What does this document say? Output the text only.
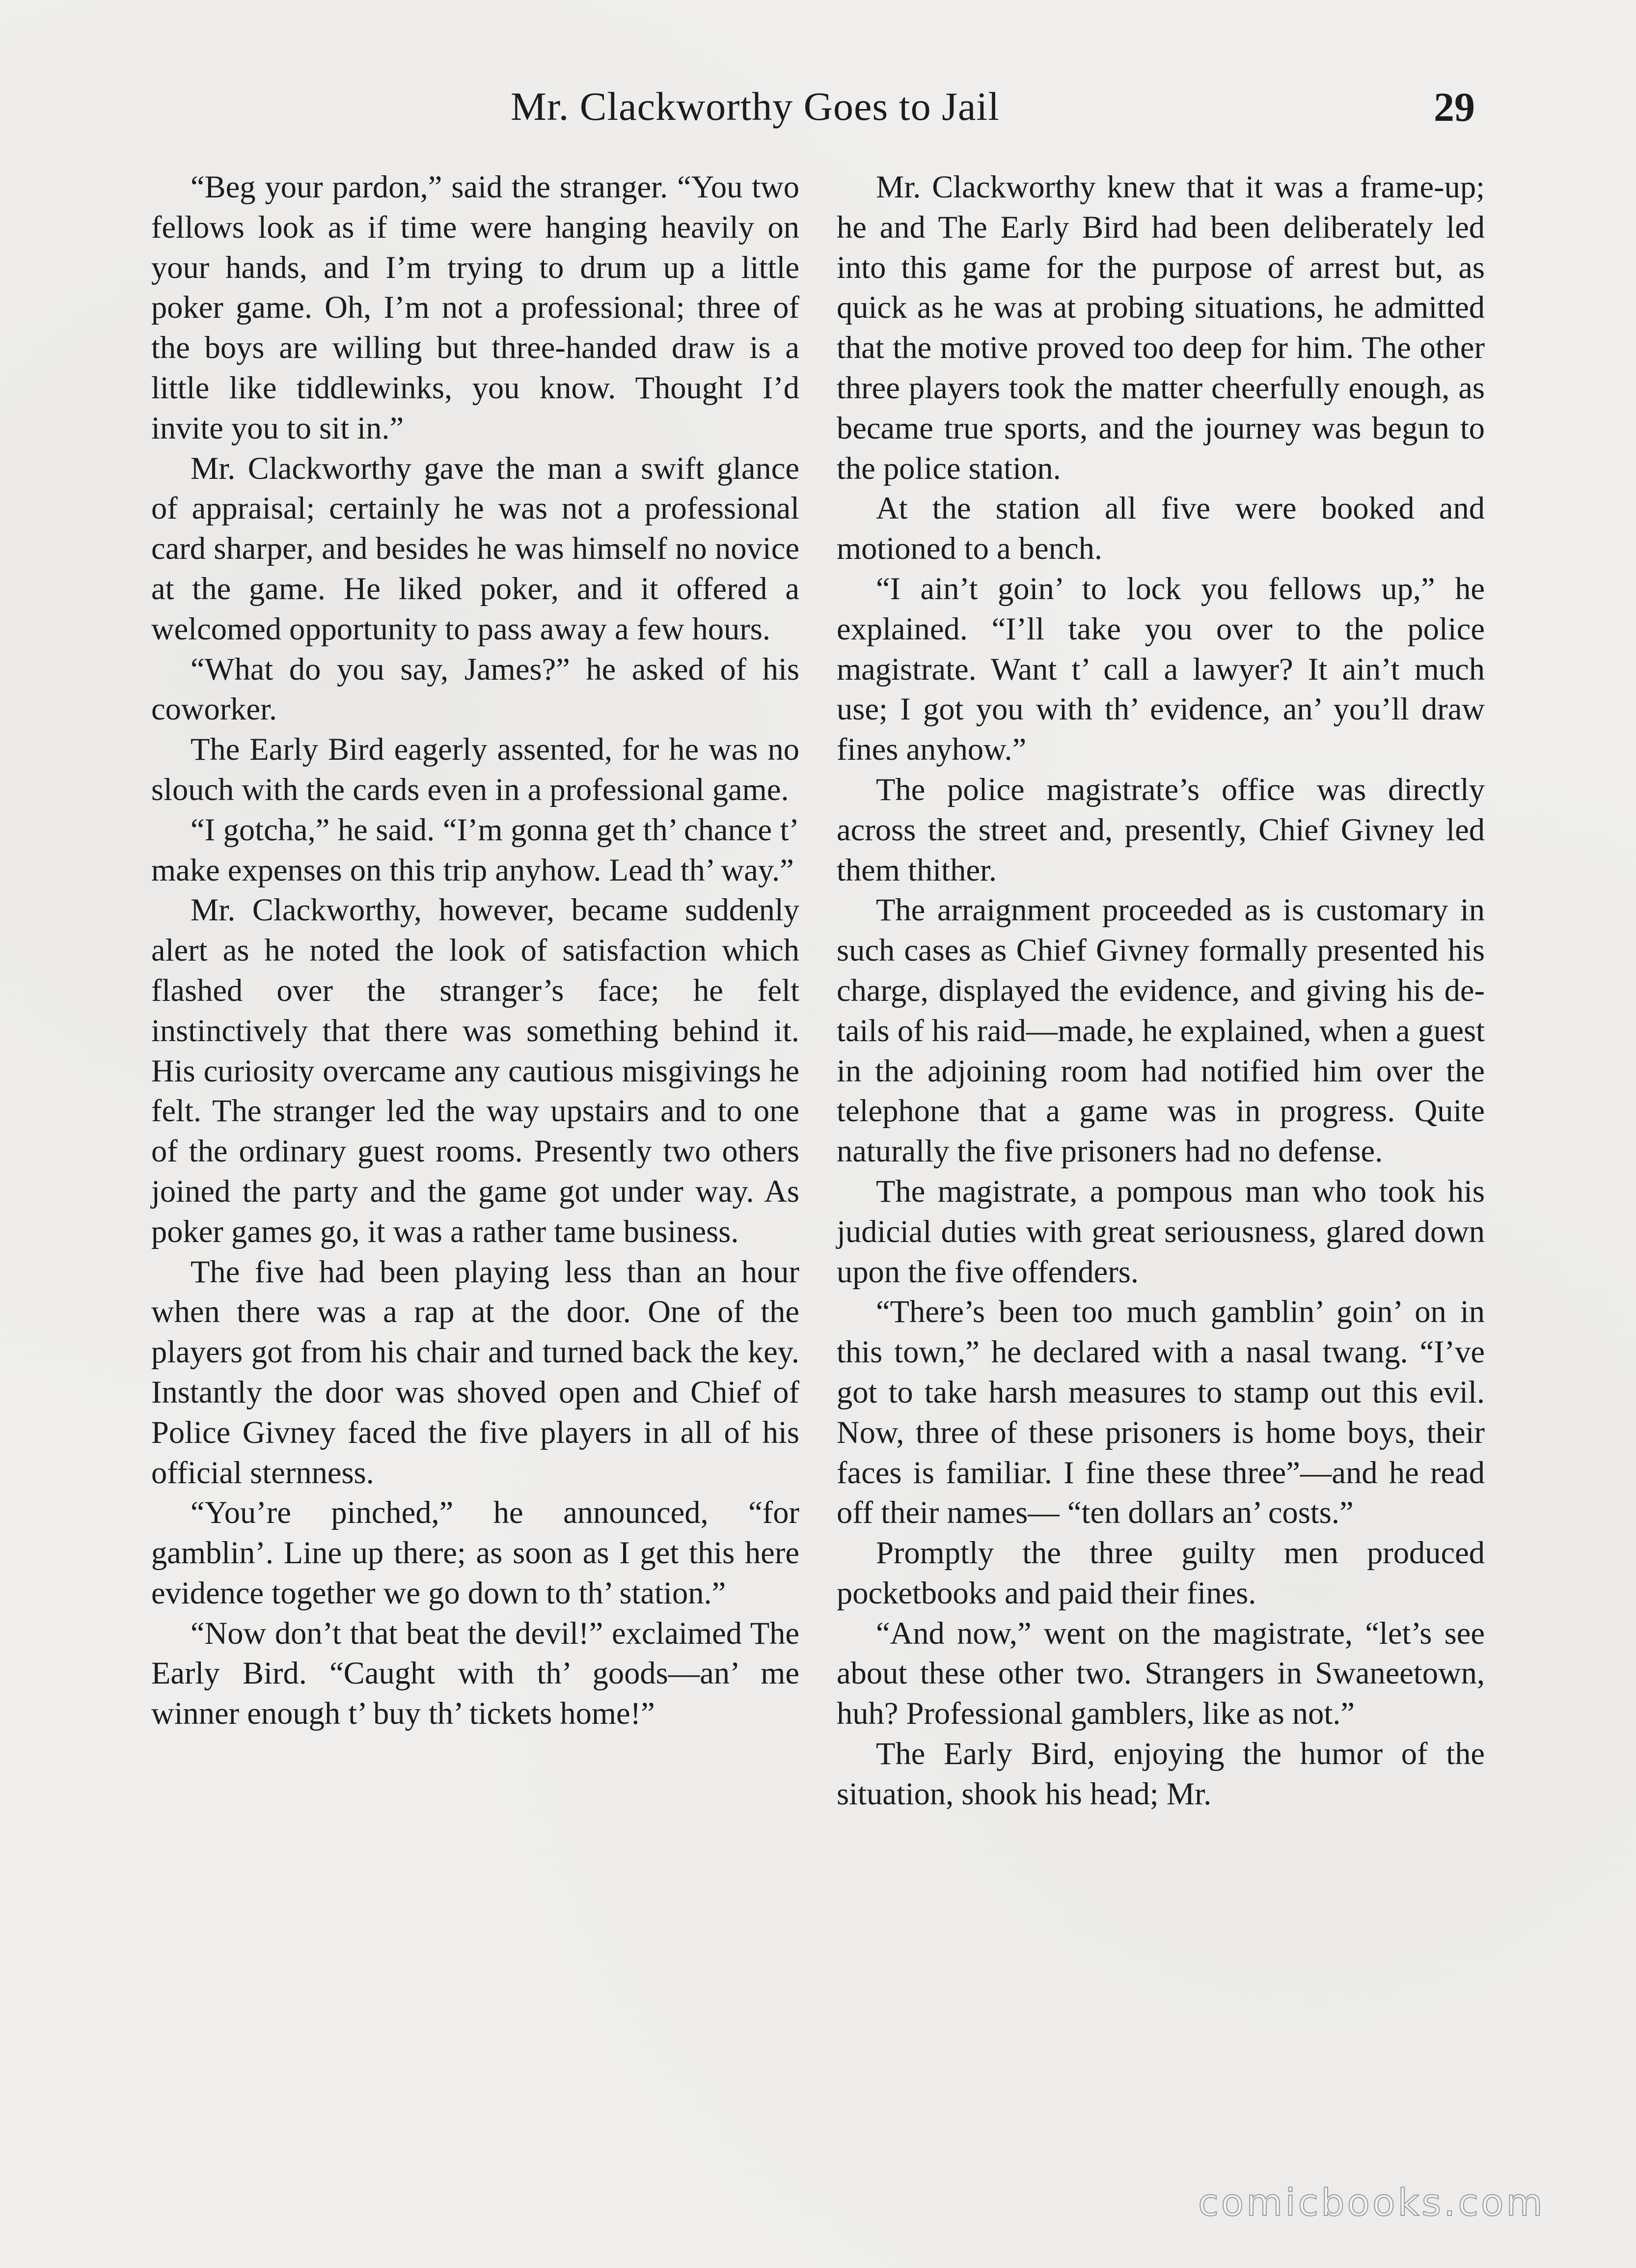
Mr. Clackworthy Goes to Jail	29

“Beg your pardon,” said the stranger. “You two fellows look as if time were hanging heavily on your hands, and I’m trying to drum up a little poker game. Oh, I’m not a professional; three of the boys are willing but three-handed draw is a little like tiddlewinks, you know. Thought I’d invite you to sit in.”

Mr. Clackworthy gave the man a swift glance of appraisal; certainly he was not a professional card sharper, and besides he was himself no novice at the game. He liked poker, and it offered a welcomed opportunity to pass away a few hours.

“What do you say, James?” he asked of his coworker.

The Early Bird eagerly assented, for he was no slouch with the cards even in a professional game.

“I gotcha,” he said. “I’m gonna get th’ chance t’ make expenses on this trip anyhow. Lead th’ way.”

Mr. Clackworthy, however, became suddenly alert as he noted the look of satisfaction which flashed over the stranger’s face; he felt instinctively that there was something behind it. His curiosity overcame any cautious misgivings he felt. The stranger led the way upstairs and to one of the ordinary guest rooms. Presently two others joined the party and the game got under way. As poker games go, it was a rather tame business.

The five had been playing less than an hour when there was a rap at the door. One of the players got from his chair and turned back the key. Instantly the door was shoved open and Chief of Police Givney faced the five players in all of his official sternness.

“You’re pinched,” he announced, “for gamblin’. Line up there; as soon as I get this here evidence together we go down to th’ station.”

“Now don’t that beat the devil!” exclaimed The Early Bird. “Caught with th’ goods—an’ me winner enough t’ buy th’ tickets home!”

Mr. Clackworthy knew that it was a frame-up; he and The Early Bird had been deliberately led into this game for the purpose of arrest but, as quick as he was at probing situations, he admitted that the motive proved too deep for him. The other three players took the matter cheerfully enough, as became true sports, and the journey was begun to the police station.

At the station all five were booked and motioned to a bench.

“I ain’t goin’ to lock you fellows up,” he explained. “I’ll take you over to the police magistrate. Want t’ call a lawyer? It ain’t much use; I got you with th’ evidence, an’ you’ll draw fines anyhow.”

The police magistrate’s office was directly across the street and, presently, Chief Givney led them thither.

The arraignment proceeded as is customary in such cases as Chief Givney formally presented his charge, displayed the evidence, and giving his details of his raid—made, he explained, when a guest in the adjoining room had notified him over the telephone that a game was in progress. Quite naturally the five prisoners had no defense.

The magistrate, a pompous man who took his judicial duties with great seriousness, glared down upon the five offenders.

“There’s been too much gamblin’ goin’ on in this town,” he declared with a nasal twang. “I’ve got to take harsh measures to stamp out this evil. Now, three of these prisoners is home boys, their faces is familiar. I fine these three”—and he read off their names— “ten dollars an’ costs.”

Promptly the three guilty men produced pocketbooks and paid their fines.

“And now,” went on the magistrate, “let’s see about these other two. Strangers in Swaneetown, huh? Professional gamblers, like as not.”

The Early Bird, enjoying the humor of the situation, shook his head; Mr.

comicbooks.com
